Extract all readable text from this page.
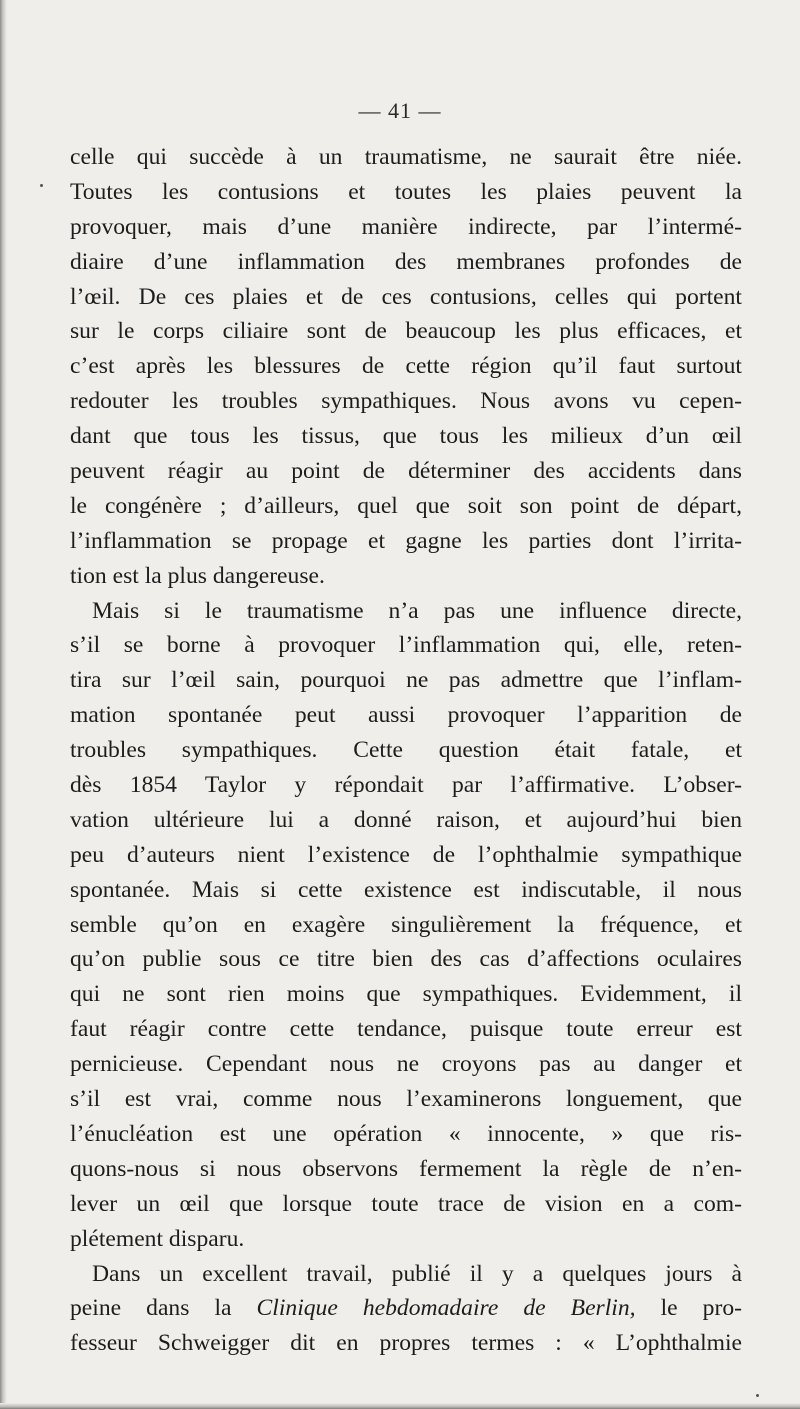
— 41 —
celle qui succède à un traumatisme, ne saurait être niée.
Toutes les contusions et toutes les plaies peuvent la
provoquer, mais d’une manière indirecte, par l’intermé-
diaire d’une inflammation des membranes profondes de
l’œil. De ces plaies et de ces contusions, celles qui portent
sur le corps ciliaire sont de beaucoup les plus efficaces, et
c’est après les blessures de cette région qu’il faut surtout
redouter les troubles sympathiques. Nous avons vu cepen-
dant que tous les tissus, que tous les milieux d’un œil
peuvent réagir au point de déterminer des accidents dans
le congénère ; d’ailleurs, quel que soit son point de départ,
l’inflammation se propage et gagne les parties dont l’irrita-
tion est la plus dangereuse.
Mais si le traumatisme n’a pas une influence directe,
s’il se borne à provoquer l’inflammation qui, elle, reten-
tira sur l’œil sain, pourquoi ne pas admettre que l’inflam-
mation spontanée peut aussi provoquer l’apparition de
troubles sympathiques. Cette question était fatale, et
dès 1854 Taylor y répondait par l’affirmative. L’obser-
vation ultérieure lui a donné raison, et aujourd’hui bien
peu d’auteurs nient l’existence de l’ophthalmie sympathique
spontanée. Mais si cette existence est indiscutable, il nous
semble qu’on en exagère singulièrement la fréquence, et
qu’on publie sous ce titre bien des cas d’affections oculaires
qui ne sont rien moins que sympathiques. Evidemment, il
faut réagir contre cette tendance, puisque toute erreur est
pernicieuse. Cependant nous ne croyons pas au danger et
s’il est vrai, comme nous l’examinerons longuement, que
l’énucléation est une opération « innocente, » que ris-
quons-nous si nous observons fermement la règle de n’en-
lever un œil que lorsque toute trace de vision en a com-
plétement disparu.
Dans un excellent travail, publié il y a quelques jours à
peine dans la Clinique hebdomadaire de Berlin, le pro-
fesseur Schweigger dit en propres termes : « L’ophthalmie
